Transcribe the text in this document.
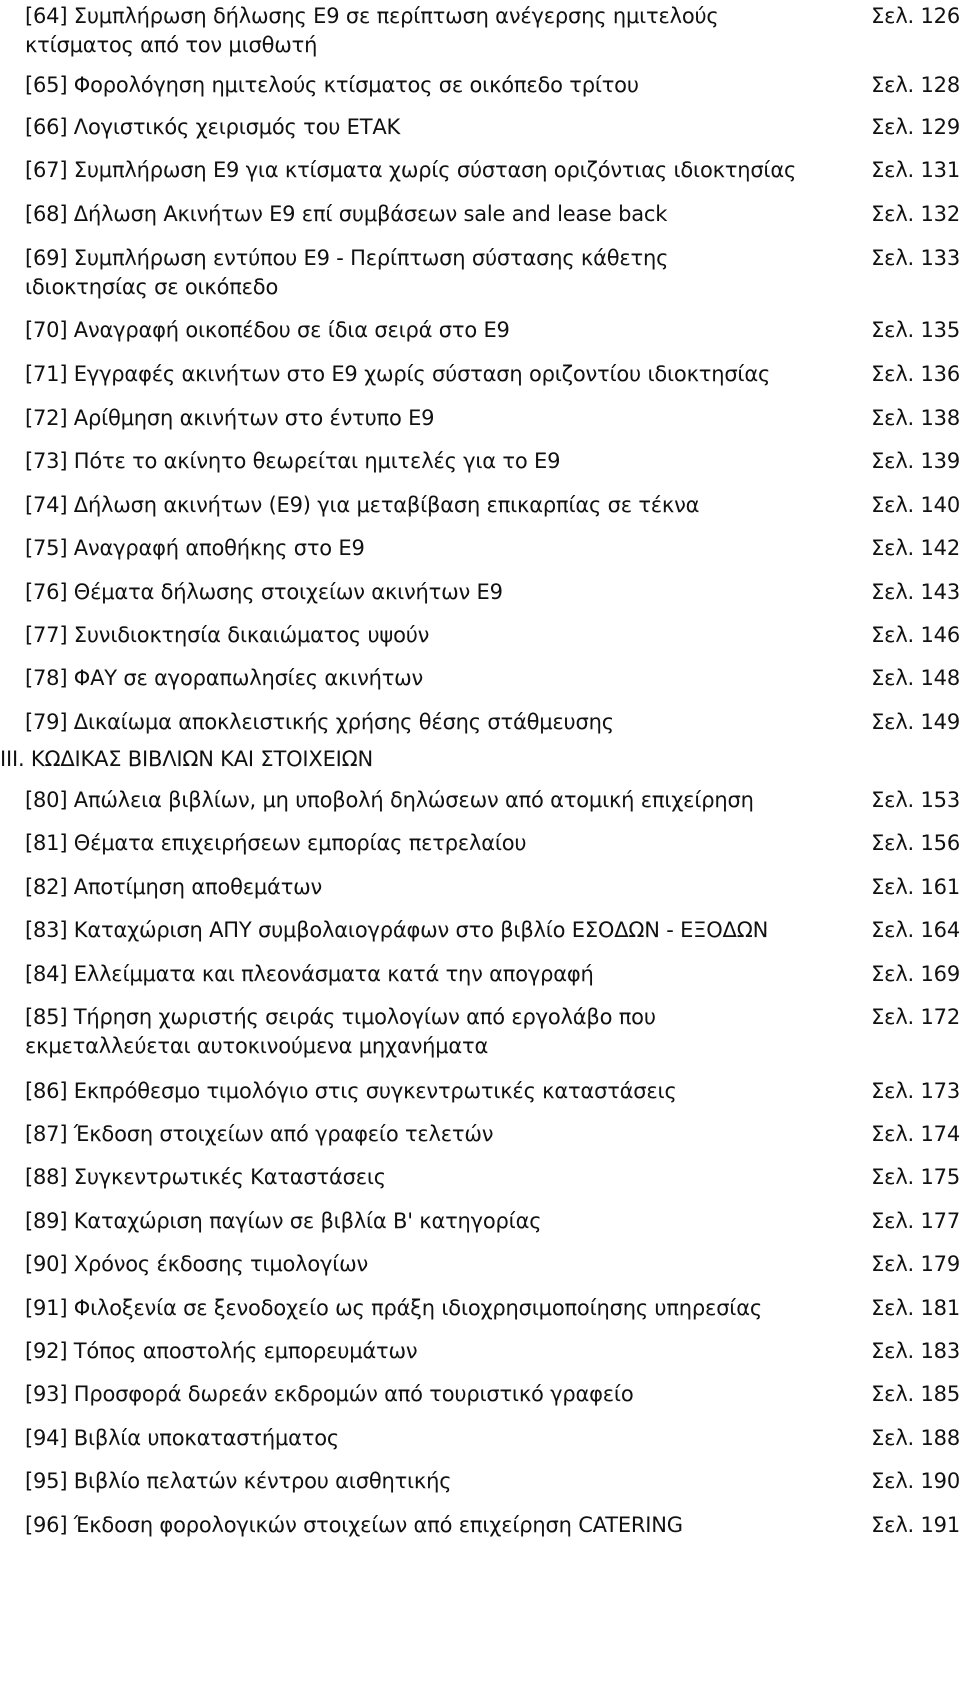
[64] Συμπλήρωση δήλωσης Ε9 σε περίπτωση ανέγερσης ημιτελούς κτίσματος από τον μισθωτή
Σελ. 126
[65] Φορολόγηση ημιτελούς κτίσματος σε οικόπεδο τρίτου	Σελ. 128
[66] Λογιστικός χειρισμός του ΕΤΑΚ	Σελ. 129
[67] Συμπλήρωση Ε9 για κτίσματα χωρίς σύσταση οριζόντιας ιδιοκτησίας	Σελ. 131
[68] Δήλωση Ακινήτων Ε9 επί συμβάσεων sale and lease back	Σελ. 132
[69] Συμπλήρωση εντύπου Ε9 - Περίπτωση σύστασης κάθετης ιδιοκτησίας σε οικόπεδο
Σελ. 133
[70] Αναγραφή οικοπέδου σε ίδια σειρά στο Ε9	Σελ. 135
[71] Εγγραφές ακινήτων στο Ε9 χωρίς σύσταση οριζοντίου ιδιοκτησίας	Σελ. 136
[72] Αρίθμηση ακινήτων στο έντυπο Ε9	Σελ. 138
[73] Πότε το ακίνητο θεωρείται ημιτελές για το Ε9	Σελ. 139
[74] Δήλωση ακινήτων (Ε9) για μεταβίβαση επικαρπίας σε τέκνα	Σελ. 140
[75] Αναγραφή αποθήκης στο Ε9	Σελ. 142
[76] Θέματα δήλωσης στοιχείων ακινήτων Ε9	Σελ. 143
[77] Συνιδιοκτησία δικαιώματος υψούν	Σελ. 146
[78] ΦΑΥ σε αγοραπωλησίες ακινήτων	Σελ. 148
[79] Δικαίωμα αποκλειστικής χρήσης θέσης στάθμευσης	Σελ. 149
III. ΚΩΔΙΚΑΣ ΒΙΒΛΙΩΝ ΚΑΙ ΣΤΟΙΧΕΙΩΝ
[80] Απώλεια βιβλίων, μη υποβολή δηλώσεων από ατομική επιχείρηση	Σελ. 153
[81] Θέματα επιχειρήσεων εμπορίας πετρελαίου	Σελ. 156
[82] Αποτίμηση αποθεμάτων	Σελ. 161
[83] Καταχώριση ΑΠΥ συμβολαιογράφων στο βιβλίο ΕΣΟΔΩΝ - ΕΞΟΔΩΝ	Σελ. 164
[84] Ελλείμματα και πλεονάσματα κατά την απογραφή	Σελ. 169
[85] Τήρηση χωριστής σειράς τιμολογίων από εργολάβο που εκμεταλλεύεται αυτοκινούμενα μηχανήματα
Σελ. 172
[86] Εκπρόθεσμο τιμολόγιο στις συγκεντρωτικές καταστάσεις	Σελ. 173
[87] Έκδοση στοιχείων από γραφείο τελετών	Σελ. 174
[88] Συγκεντρωτικές Καταστάσεις	Σελ. 175
[89] Καταχώριση παγίων σε βιβλία Β' κατηγορίας	Σελ. 177
[90] Χρόνος έκδοσης τιμολογίων	Σελ. 179
[91] Φιλοξενία σε ξενοδοχείο ως πράξη ιδιοχρησιμοποίησης υπηρεσίας	Σελ. 181
[92] Τόπος αποστολής εμπορευμάτων	Σελ. 183
[93] Προσφορά δωρεάν εκδρομών από τουριστικό γραφείο	Σελ. 185
[94] Βιβλία υποκαταστήματος	Σελ. 188
[95] Βιβλίο πελατών κέντρου αισθητικής	Σελ. 190
[96] Έκδοση φορολογικών στοιχείων από επιχείρηση CATERING	Σελ. 191
